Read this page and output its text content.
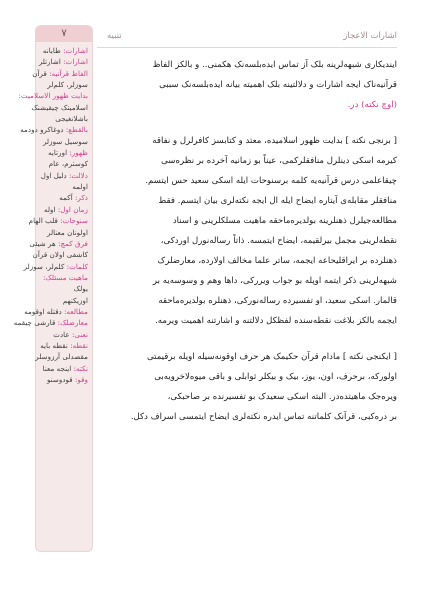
٧
اشارات: طایانه
اشارات: اشارتلر
الفاظ قرآنیه: قرآن
سوزلر، کلم‌لر
بدایت ظهور الاسلامیت:
اسلامیتک چیقیشنک
باشلانغیجی
بالقطع: دوغاکرو دودمه
سوسیل سوزلر
ظهور: اورتا‌یه
کوسترم، عام
دلالت: دلیل اول
اولمه
ذکر: آکمه
زمان اول: اوله
سنوحات: قلب الهام
اولونان معنالر
فرق کمچ: هر شیئی
کاشفی اولان قرآن
کلمات: کلم‌لر، سوزلر
ماهیت مسئلک:
یولک
اوزیکنهم
مطالعه: دقتله اوقومه
معارضلک: قارشی چیقمه
نعنی: عادت
نقطه: نقطه بایه
مقصدلی آرزوسلر
نکته: اینجه معنا
وقو: قودوسنو
اشارات الاعجاز
تنبیه

ایندیکاری شبهه‌لرینه بلک آز تماس ایده‌بلسه‌نک هکمنی.. و بالکز الفاظ
قرآنیه‌ناک ایجه اشارات و دلالتینه بلک اهمیته بیانه ایده‌بلسه‌نک سببی
(اوچ نکته) در.

[ برنجی نکته ] بدایت ظهور اسلامیده، معتد و کتابسز کافرلرل و نفاقه
کیرمه اسکی دینلرل منافقلرکمی، عیناً بو زمانیه آخرده بر نظره‌سی
چیقاعلمی درس قرآنیه‌یه کلمه برسنوحات ایله اسکی سعید حس ایتسم.
منافقلر مقابله‌ی آیتاره ایضاح ایله ال ایجه نکته‌لری بیان ایتسم. فقط
مطالعه‌جیلرل ذهنلرینه بولدیره‌ماحقه ماهیت مسلکلرینی و اسناد
نقطه‌لرینی مجمل بیرلقیمه، ایضاح ایتمسه. ذاتاً رساله‌نورل اوردکی،
ذهنلرده بر ایراقلیحاعه ایجمه، ساتر علما مخالف اولارده، معارضلرک
شبهه‌لرینی ذکر ایتمه اوپله بو جواب ویررکی، داها وهم و وسوسه‌یه بر
قالمار. اسکی سعید، او تفسیرده رساله‌نورکی، ذهنلره بولدیره‌ماحقه
ایجمه بالکز بلاغت نقطه‌سنده لفظکل دلالتنه و اشارتنه اهمیت ویرمه.

[ ایکنجی نکته ] مادام قرآن حکیمک هر حرف اوقونه‌سیله اویله برقیمتی
اولورکه، برحرف، اون، یوز، بیک و بیکلر ثوابلی و باقی میوه‌لاخرویه‌بی
ویره‌جک ماهیتده‌در. البته اسکی سعیدک بو تفسیرنده بر صاحبکی،
بر دره‌کبی، قرآنک کلماتنه تماس ایدره نکته‌لری ایضاح ایتمسی اسراف دکل.
